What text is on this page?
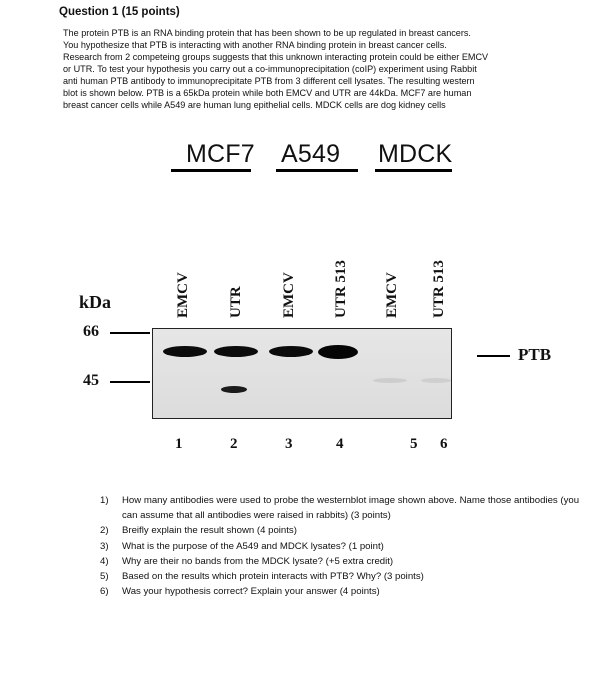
Question 1 (15 points)
The protein PTB is an RNA binding protein that has been shown to be up regulated in breast cancers.
You hypothesize that PTB is interacting with another RNA binding protein in breast cancer cells.
Research from 2 competeing groups suggests that this unknown interacting protein could be either EMCV
or UTR. To test your hypothesis you carry out a co-immunoprecipitation (coIP) experiment using Rabbit
anti human PTB antibody to immunoprecipitate PTB from 3 different cell lysates. The resulting western
blot is shown below. PTB is a 65kDa protein while both EMCV and UTR are 44kDa. MCF7 are human
breast cancer cells while A549 are human lung epithelial cells. MDCK cells are dog kidney cells
MCF7 A549 MDCK
EMCV UTR EMCV UTR 513 EMCV UTR 513
kDa
66
45
PTB
1	2	3	4	5 6
1) How many antibodies were used to probe the westernblot image shown above. Name those antibodies (you can assume that all antibodies were raised in rabbits) (3 points)
2) Breifly explain the result shown (4 points)
3) What is the purpose of the A549 and MDCK lysates? (1 point)
4) Why are their no bands from the MDCK lysate? (+5 extra credit)
5) Based on the results which protein interacts with PTB? Why? (3 points)
6) Was your hypothesis correct? Explain your answer (4 points)
